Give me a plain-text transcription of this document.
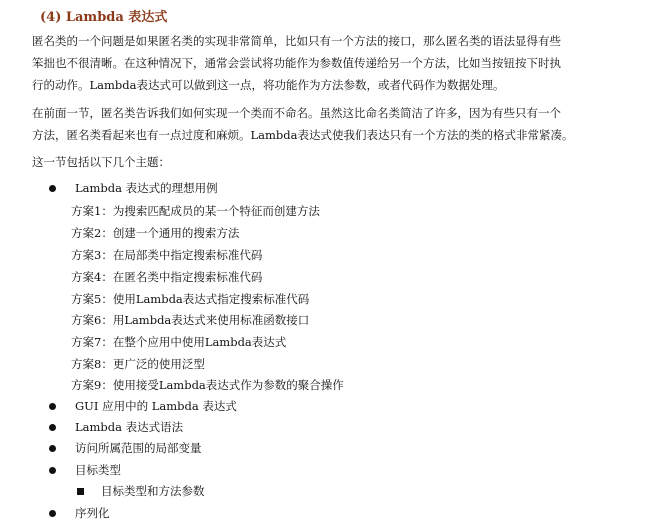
(4) Lambda 表达式
匿名类的一个问题是如果匿名类的实现非常简单，比如只有一个方法的接口，那么匿名类的语法显得有些
笨拙也不很清晰。在这种情况下，通常会尝试将功能作为参数值传递给另一个方法，比如当按钮按下时执
行的动作。Lambda表达式可以做到这一点，将功能作为方法参数，或者代码作为数据处理。
在前面一节，匿名类告诉我们如何实现一个类而不命名。虽然这比命名类简洁了许多，因为有些只有一个
方法，匿名类看起来也有一点过度和麻烦。Lambda表达式使我们表达只有一个方法的类的格式非常紧凑。
这一节包括以下几个主题：
Lambda 表达式的理想用例
方案1：为搜索匹配成员的某一个特征而创建方法
方案2：创建一个通用的搜索方法
方案3：在局部类中指定搜索标准代码
方案4：在匿名类中指定搜索标准代码
方案5：使用Lambda表达式指定搜索标准代码
方案6：用Lambda表达式来使用标准函数接口
方案7：在整个应用中使用Lambda表达式
方案8：更广泛的使用泛型
方案9：使用接受Lambda表达式作为参数的聚合操作
GUI 应用中的 Lambda 表达式
Lambda 表达式语法
访问所属范围的局部变量
目标类型
目标类型和方法参数
序列化
